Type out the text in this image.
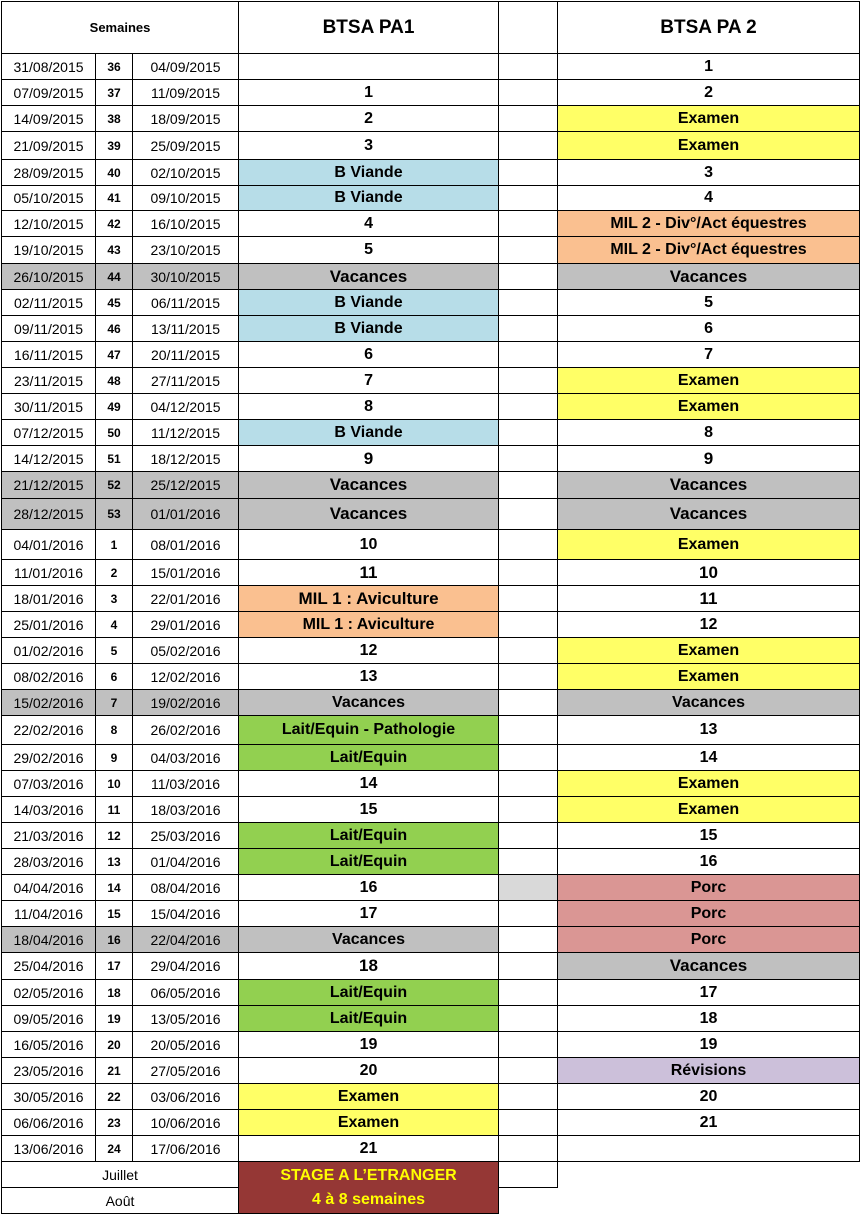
Semaines			BTSA PA1		BTSA PA 2
31/08/2015	36	04/09/2015			1
07/09/2015	37	11/09/2015	1		2
14/09/2015	38	18/09/2015	2		Examen
21/09/2015	39	25/09/2015	3		Examen
28/09/2015	40	02/10/2015	B Viande		3
05/10/2015	41	09/10/2015	B Viande		4
12/10/2015	42	16/10/2015	4		MIL 2 - Div°/Act équestres
19/10/2015	43	23/10/2015	5		MIL 2 - Div°/Act équestres
26/10/2015	44	30/10/2015	Vacances		Vacances
02/11/2015	45	06/11/2015	B Viande		5
09/11/2015	46	13/11/2015	B Viande		6
16/11/2015	47	20/11/2015	6		7
23/11/2015	48	27/11/2015	7		Examen
30/11/2015	49	04/12/2015	8		Examen
07/12/2015	50	11/12/2015	B Viande		8
14/12/2015	51	18/12/2015	9		9
21/12/2015	52	25/12/2015	Vacances		Vacances
28/12/2015	53	01/01/2016	Vacances		Vacances
04/01/2016	1	08/01/2016	10		Examen
11/01/2016	2	15/01/2016	11		10
18/01/2016	3	22/01/2016	MIL 1 : Aviculture		11
25/01/2016	4	29/01/2016	MIL 1 : Aviculture		12
01/02/2016	5	05/02/2016	12		Examen
08/02/2016	6	12/02/2016	13		Examen
15/02/2016	7	19/02/2016	Vacances		Vacances
22/02/2016	8	26/02/2016	Lait/Equin - Pathologie		13
29/02/2016	9	04/03/2016	Lait/Equin		14
07/03/2016	10	11/03/2016	14		Examen
14/03/2016	11	18/03/2016	15		Examen
21/03/2016	12	25/03/2016	Lait/Equin		15
28/03/2016	13	01/04/2016	Lait/Equin		16
04/04/2016	14	08/04/2016	16		Porc
11/04/2016	15	15/04/2016	17		Porc
18/04/2016	16	22/04/2016	Vacances		Porc
25/04/2016	17	29/04/2016	18		Vacances
02/05/2016	18	06/05/2016	Lait/Equin		17
09/05/2016	19	13/05/2016	Lait/Equin		18
16/05/2016	20	20/05/2016	19		19
23/05/2016	21	27/05/2016	20		Révisions
30/05/2016	22	03/06/2016	Examen		20
06/06/2016	23	10/06/2016	Examen		21
13/06/2016	24	17/06/2016	21		
Juillet			STAGE A L’ETRANGER
4 à 8 semaines		

Août					
